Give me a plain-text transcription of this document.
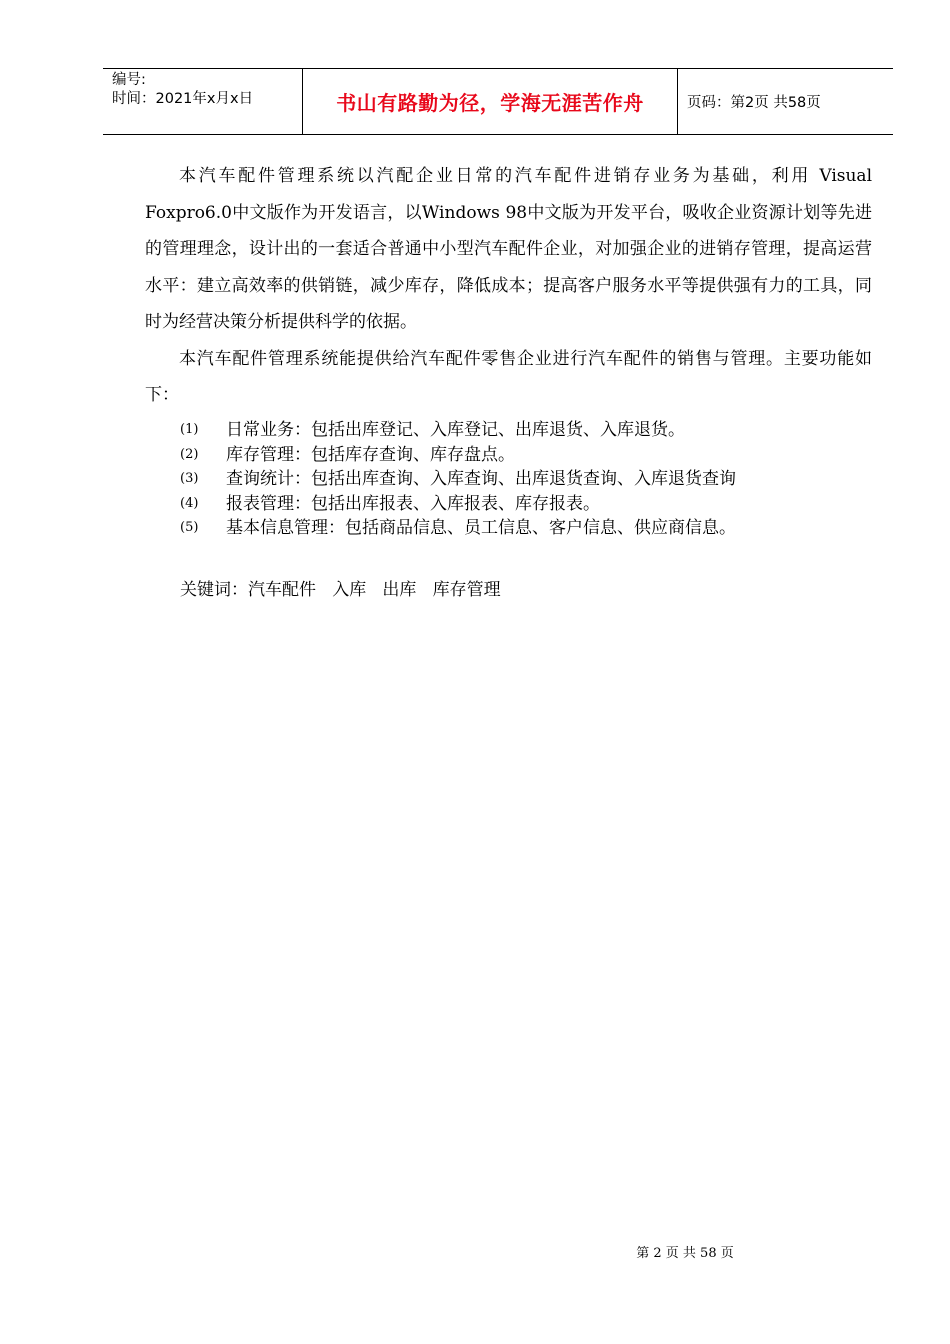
编号:
时间：2021年x月x日	书山有路勤为径，学海无涯苦作舟	页码：第2页 共58页

本汽车配件管理系统以汽配企业日常的汽车配件进销存业务为基础，利用 Visual Foxpro6.0中文版作为开发语言，以Windows 98中文版为开发平台，吸收企业资源计划等先进的管理理念，设计出的一套适合普通中小型汽车配件企业，对加强企业的进销存管理，提高运营水平：建立高效率的供销链，减少库存，降低成本；提高客户服务水平等提供强有力的工具，同时为经营决策分析提供科学的依据。

本汽车配件管理系统能提供给汽车配件零售企业进行汽车配件的销售与管理。主要功能如下：

(1)	日常业务：包括出库登记、入库登记、出库退货、入库退货。
(2)	库存管理：包括库存查询、库存盘点。
(3)	查询统计：包括出库查询、入库查询、出库退货查询、入库退货查询
(4)	报表管理：包括出库报表、入库报表、库存报表。
(5)	基本信息管理：包括商品信息、员工信息、客户信息、供应商信息。
关键词：汽车配件   入库   出库   库存管理
第 2 页 共 58 页
